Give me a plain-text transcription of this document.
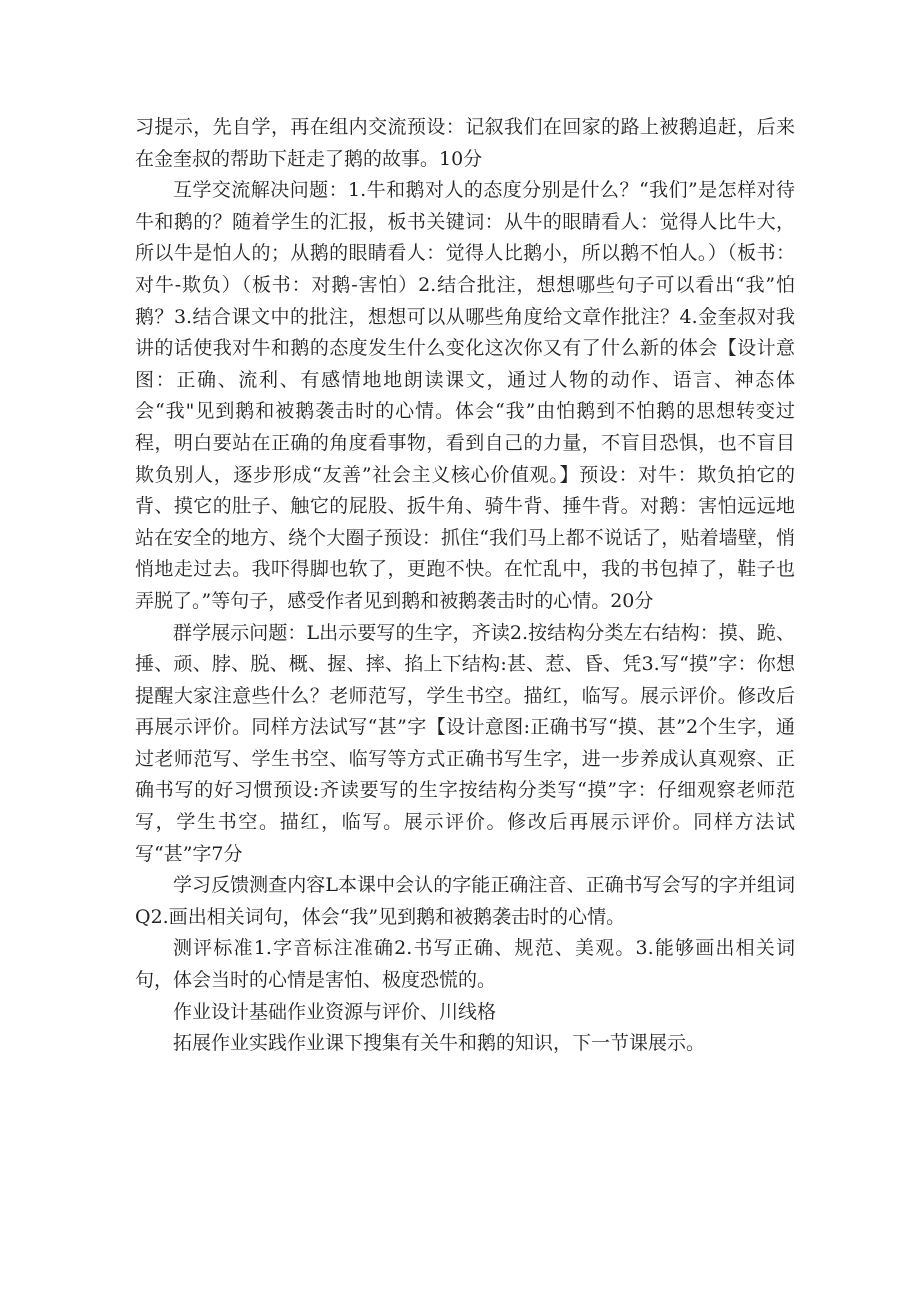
习提示，先自学，再在组内交流预设：记叙我们在回家的路上被鹅追赶，后来在金奎叔的帮助下赶走了鹅的故事。10分

互学交流解决问题：1.牛和鹅对人的态度分别是什么？“我们”是怎样对待牛和鹅的？随着学生的汇报，板书关键词：从牛的眼睛看人：觉得人比牛大，所以牛是怕人的；从鹅的眼睛看人：觉得人比鹅小，所以鹅不怕人。）（板书：对牛-欺负）（板书：对鹅-害怕）2.结合批注，想想哪些句子可以看出“我”怕鹅？3.结合课文中的批注，想想可以从哪些角度给文章作批注？4.金奎叔对我讲的话使我对牛和鹅的态度发生什么变化这次你又有了什么新的体会【设计意图：正确、流利、有感情地地朗读课文，通过人物的动作、语言、神态体会“我"见到鹅和被鹅袭击时的心情。体会“我”由怕鹅到不怕鹅的思想转变过程，明白要站在正确的角度看事物，看到自己的力量，不盲目恐惧，也不盲目欺负别人，逐步形成“友善”社会主义核心价值观。】预设：对牛：欺负拍它的背、摸它的肚子、触它的屁股、扳牛角、骑牛背、捶牛背。对鹅：害怕远远地站在安全的地方、绕个大圈子预设：抓住“我们马上都不说话了，贴着墙壁，悄悄地走过去。我吓得脚也软了，更跑不快。在忙乱中，我的书包掉了，鞋子也弄脱了。”等句子，感受作者见到鹅和被鹅袭击时的心情。20分

群学展示问题：L出示要写的生字，齐读2.按结构分类左右结构：摸、跪、捶、顽、脖、脱、概、握、摔、掐上下结构:甚、惹、昏、凭3.写“摸”字：你想提醒大家注意些什么？老师范写，学生书空。描红，临写。展示评价。修改后再展示评价。同样方法试写“甚”字【设计意图:正确书写“摸、甚”2个生字，通过老师范写、学生书空、临写等方式正确书写生字，进一步养成认真观察、正确书写的好习惯预设:齐读要写的生字按结构分类写“摸”字：仔细观察老师范写，学生书空。描红，临写。展示评价。修改后再展示评价。同样方法试写“甚”字7分

学习反馈测查内容L本课中会认的字能正确注音、正确书写会写的字并组词Q2.画出相关词句，体会“我”见到鹅和被鹅袭击时的心情。

测评标准1.字音标注准确2.书写正确、规范、美观。3.能够画出相关词句，体会当时的心情是害怕、极度恐慌的。

作业设计基础作业资源与评价、川线格

拓展作业实践作业课下搜集有关牛和鹅的知识，下一节课展示。
